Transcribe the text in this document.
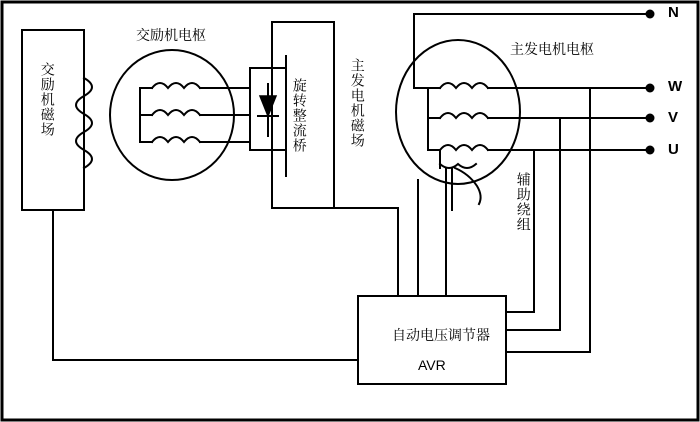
交励机磁场
交励机电枢
旋转整流桥	主发电机磁场
主发电机电枢
辅助绕组
自动电压调节器
AVR
N
W
V
U
